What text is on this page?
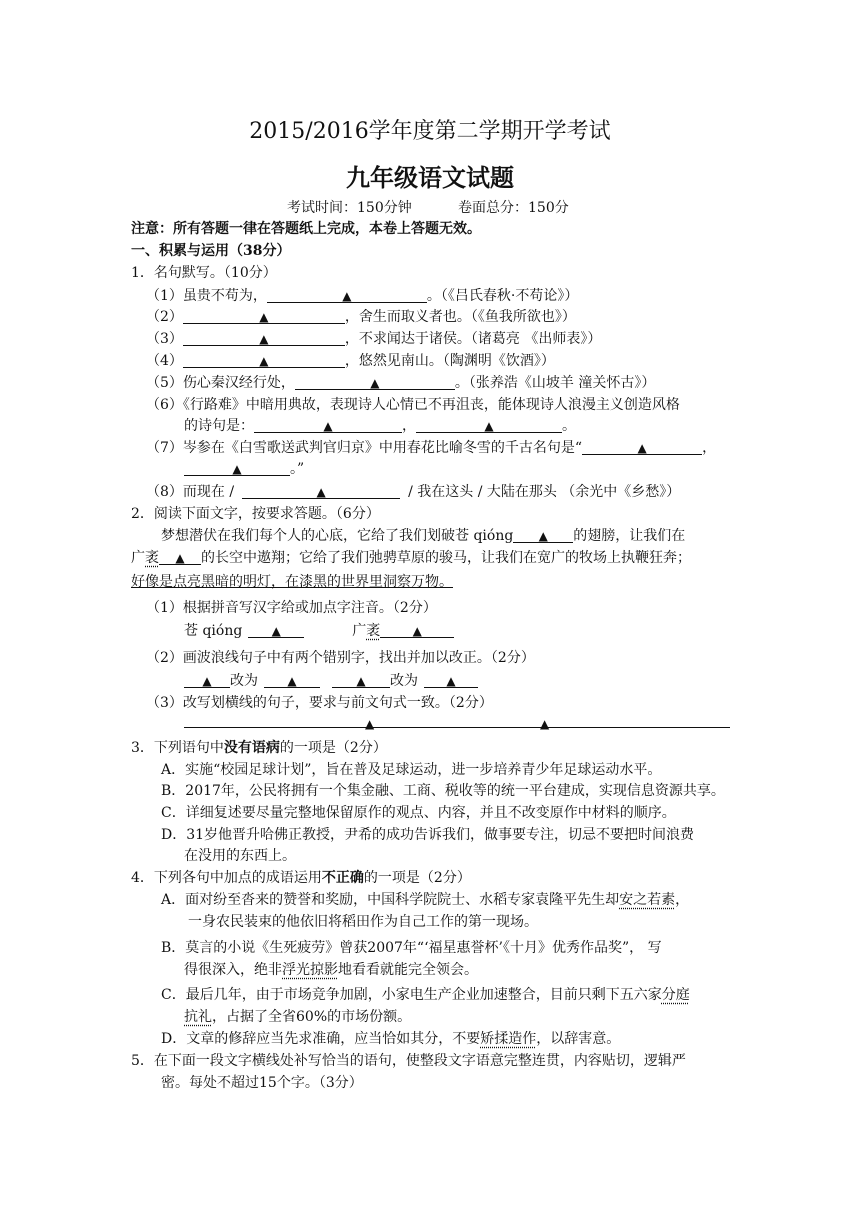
2015/2016学年度第二学期开学考试
九年级语文试题
考试时间：150分钟	卷面总分：150分
注意：所有答题一律在答题纸上完成，本卷上答题无效。
一、积累与运用（38分）
1．名句默写。（10分）
（1）虽贵不苟为，	▲	。（《吕氏春秋·不苟论》）
（2）	▲	，舍生而取义者也。（《鱼我所欲也》）
（3）	▲	，不求闻达于诸侯。（诸葛亮 《出师表》）
（4）	▲	，悠然见南山。（陶渊明《饮酒》）
（5）伤心秦汉经行处，	▲	。（张养浩《山坡羊 潼关怀古》）
（6）《行路难》中暗用典故，表现诗人心情已不再沮丧，能体现诗人浪漫主义创造风格
的诗句是：	▲	，	▲	。
（7）岑参在《白雪歌送武判官归京》中用春花比喻冬雪的千古名句是“	▲	，
▲	。”
（8）而现在 /	▲	/ 我在这头 / 大陆在那头 （余光中《乡愁》）
2．阅读下面文字，按要求答题。（6分）
梦想潜伏在我们每个人的心底，它给了我们划破苍 qióng ▲ 的翅膀，让我们在
广袤 ▲ 的长空中遨翔；它给了我们弛骋草原的骏马，让我们在宽广的牧场上执鞭狂奔；
好像是点亮黑暗的明灯，在漆黑的世界里洞察万物。
（1）根据拼音写汉字给或加点字注音。（2分）
苍 qióng ▲	广袤	▲
（2）画波浪线句子中有两个错别字，找出并加以改正。（2分）
▲ 改为 ▲	▲ 改为 ▲
（3）改写划横线的句子，要求与前文句式一致。（2分）
▲	▲
3．下列语句中没有语病的一项是（2分）
A．实施“校园足球计划”，旨在普及足球运动，进一步培养青少年足球运动水平。
B．2017年，公民将拥有一个集金融、工商、税收等的统一平台建成，实现信息资源共享。
C．详细复述要尽量完整地保留原作的观点、内容，并且不改变原作中材料的顺序。
D．31岁他晋升哈佛正教授，尹希的成功告诉我们，做事要专注，切忌不要把时间浪费
在没用的东西上。
4．下列各句中加点的成语运用不正确的一项是（2分）
A．面对纷至沓来的赞誉和奖励，中国科学院院士、水稻专家袁隆平先生却安之若素，
一身农民装束的他依旧将稻田作为自己工作的第一现场。
B．莫言的小说《生死疲劳》曾获2007年“‘福星惠誉杯’《十月》优秀作品奖”， 写
得很深入，绝非浮光掠影地看看就能完全领会。
C．最后几年，由于市场竞争加剧，小家电生产企业加速整合，目前只剩下五六家分庭
抗礼，占据了全省60%的市场份额。
D．文章的修辞应当先求准确，应当恰如其分，不要矫揉造作，以辞害意。
5．在下面一段文字横线处补写恰当的语句，使整段文字语意完整连贯，内容贴切，逻辑严
密。每处不超过15个字。（3分）
